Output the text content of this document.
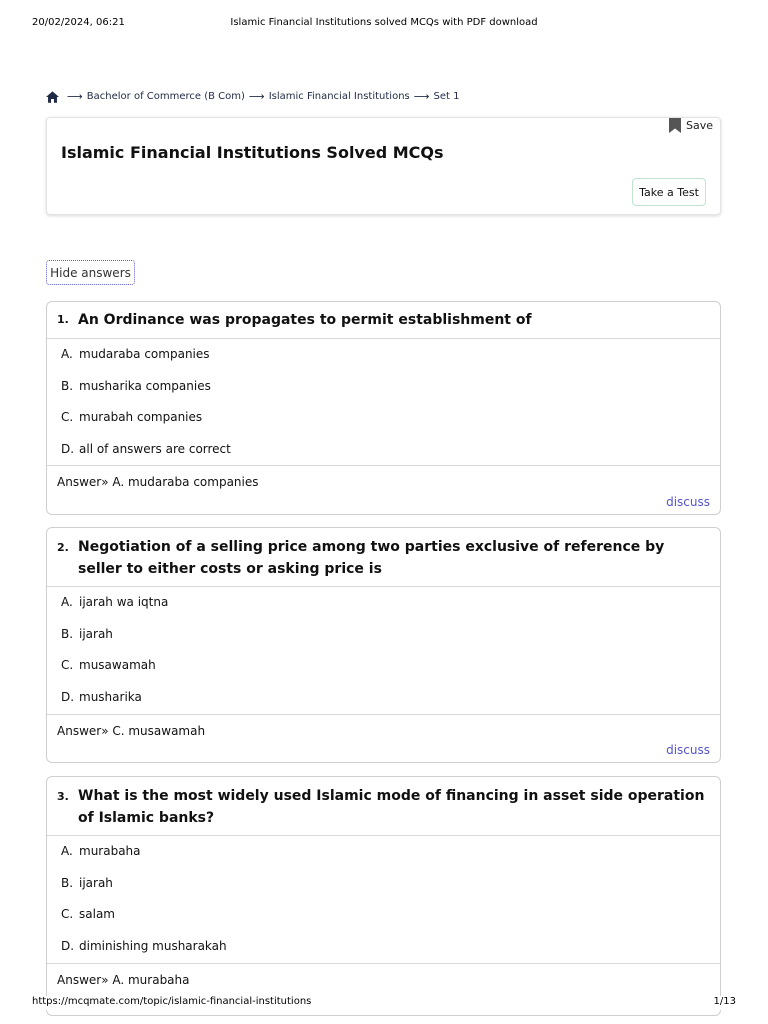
20/02/2024, 06:21	Islamic Financial Institutions solved MCQs with PDF download
⟶ Bachelor of Commerce (B Com) ⟶ Islamic Financial Institutions ⟶ Set 1
Save
Islamic Financial Institutions Solved MCQs
Take a Test
Hide answers
1. An Ordinance was propagates to permit establishment of
A. mudaraba companies
B. musharika companies
C. murabah companies
D. all of answers are correct
Answer» A. mudaraba companies
discuss
2. Negotiation of a selling price among two parties exclusive of reference by seller to either costs or asking price is
A. ijarah wa iqtna
B. ijarah
C. musawamah
D. musharika
Answer» C. musawamah
discuss
3. What is the most widely used Islamic mode of financing in asset side operation of Islamic banks?
A. murabaha
B. ijarah
C. salam
D. diminishing musharakah
Answer» A. murabaha
https://mcqmate.com/topic/islamic-financial-institutions	1/13
